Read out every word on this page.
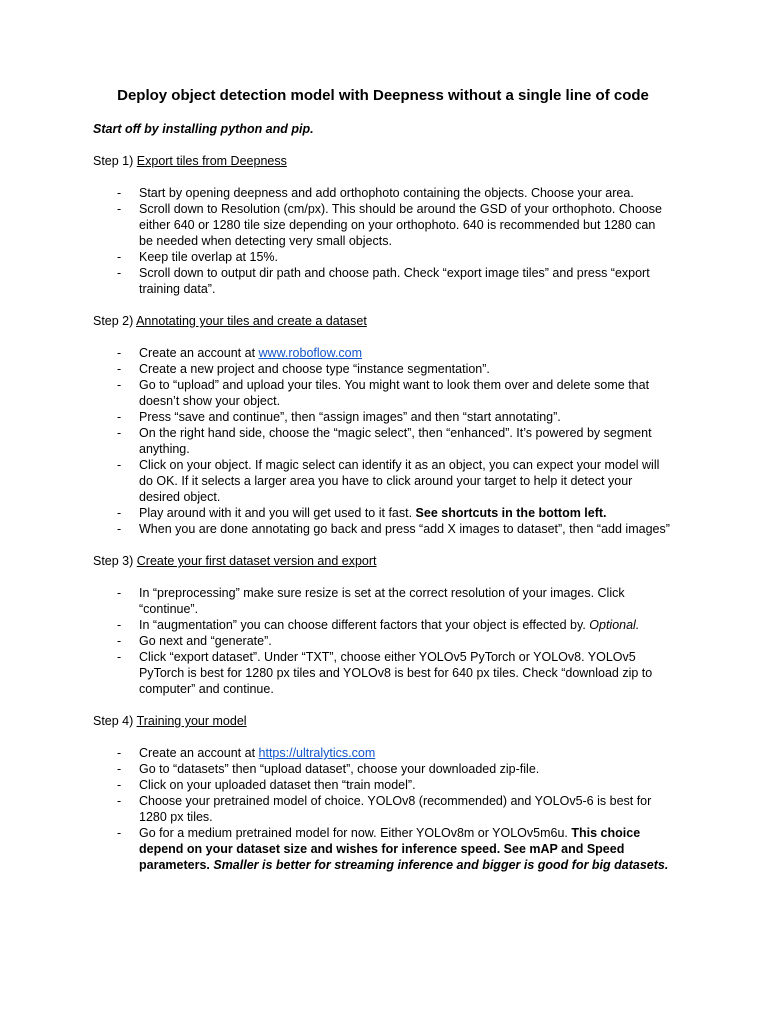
Deploy object detection model with Deepness without a single line of code
Start off by installing python and pip.
Step 1) Export tiles from Deepness
- Start by opening deepness and add orthophoto containing the objects. Choose your area.
- Scroll down to Resolution (cm/px). This should be around the GSD of your orthophoto. Choose either 640 or 1280 tile size depending on your orthophoto. 640 is recommended but 1280 can be needed when detecting very small objects.
- Keep tile overlap at 15%.
- Scroll down to output dir path and choose path. Check “export image tiles” and press “export training data”.
Step 2) Annotating your tiles and create a dataset
- Create an account at www.roboflow.com
- Create a new project and choose type “instance segmentation”.
- Go to “upload” and upload your tiles. You might want to look them over and delete some that doesn’t show your object.
- Press “save and continue”, then “assign images” and then “start annotating”.
- On the right hand side, choose the “magic select”, then “enhanced”. It’s powered by segment anything.
- Click on your object. If magic select can identify it as an object, you can expect your model will do OK. If it selects a larger area you have to click around your target to help it detect your desired object.
- Play around with it and you will get used to it fast. See shortcuts in the bottom left.
- When you are done annotating go back and press “add X images to dataset”, then “add images”
Step 3) Create your first dataset version and export
- In “preprocessing” make sure resize is set at the correct resolution of your images. Click “continue”.
- In “augmentation” you can choose different factors that your object is effected by. Optional.
- Go next and “generate”.
- Click “export dataset”. Under “TXT”, choose either YOLOv5 PyTorch or YOLOv8. YOLOv5 PyTorch is best for 1280 px tiles and YOLOv8 is best for 640 px tiles. Check “download zip to computer” and continue.
Step 4) Training your model
- Create an account at https://ultralytics.com
- Go to “datasets” then “upload dataset”, choose your downloaded zip-file.
- Click on your uploaded dataset then “train model”.
- Choose your pretrained model of choice. YOLOv8 (recommended) and YOLOv5-6 is best for 1280 px tiles.
- Go for a medium pretrained model for now. Either YOLOv8m or YOLOv5m6u. This choice depend on your dataset size and wishes for inference speed. See mAP and Speed parameters. Smaller is better for streaming inference and bigger is good for big datasets.
